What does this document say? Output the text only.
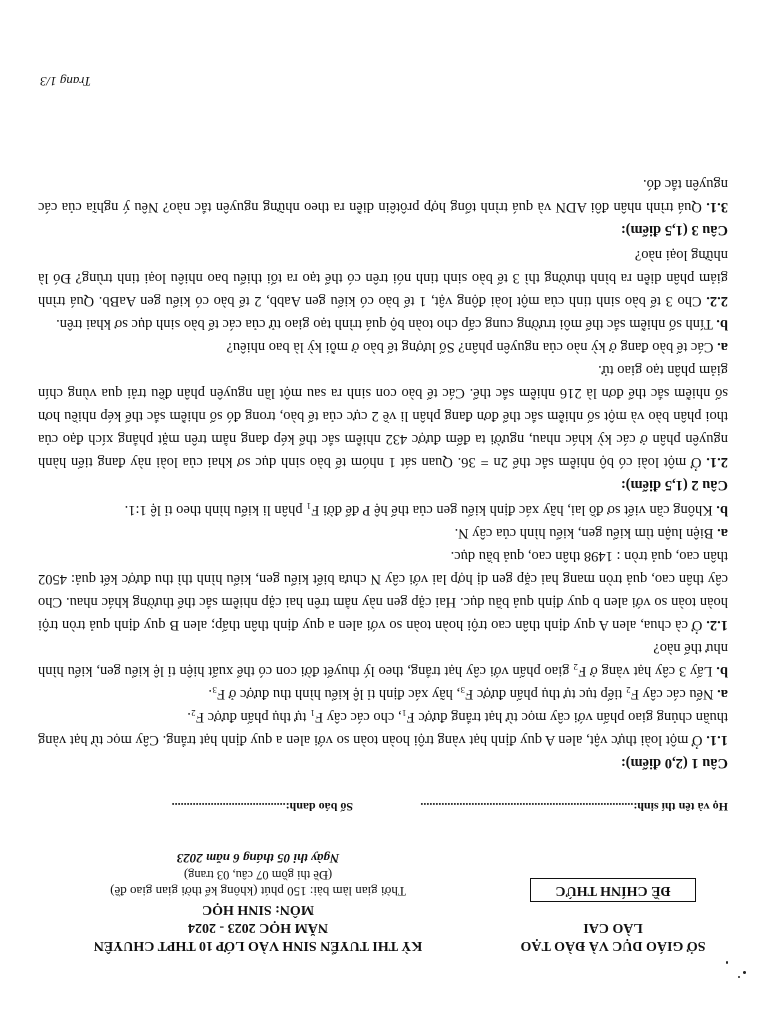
SỞ GIÁO DỤC VÀ ĐÀO TẠO
LÀO CAI
ĐỀ CHÍNH THỨC
KỲ THI TUYỂN SINH VÀO LỚP 10 THPT CHUYÊN
NĂM HỌC 2023 - 2024
MÔN: SINH HỌC
Thời gian làm bài: 150 phút (không kể thời gian giao đề)
(Đề thi gồm 07 câu, 03 trang)
Ngày thi 05 tháng 6 năm 2023
Họ và tên thí sinh:.......................................................................
Số báo danh:......................................

Câu 1 (2,0 điểm):

1.1. Ở một loài thực vật, alen A quy định hạt vàng trội hoàn toàn so với alen a quy định hạt trắng. Cây mọc từ hạt vàng thuần chủng giao phấn với cây mọc từ hạt trắng được F₁, cho các cây F₁ tự thụ phấn được F₂.

a. Nếu các cây F₂ tiếp tục tự thụ phấn được F₃, hãy xác định tỉ lệ kiểu hình thu được ở F₃.

b. Lấy 3 cây hạt vàng ở F₂ giao phấn với cây hạt trắng, theo lý thuyết đời con có thể xuất hiện tỉ lệ kiểu gen, kiểu hình như thế nào?

1.2. Ở cà chua, alen A quy định thân cao trội hoàn toàn so với alen a quy định thân thấp; alen B quy định quả tròn trội hoàn toàn so với alen b quy định quả bầu dục. Hai cặp gen này nằm trên hai cặp nhiễm sắc thể thường khác nhau. Cho cây thân cao, quả tròn mang hai cặp gen dị hợp lai với cây N chưa biết kiểu gen, kiểu hình thì thu được kết quả: 4502 thân cao, quả tròn : 1498 thân cao, quả bầu dục.

a. Biện luận tìm kiểu gen, kiểu hình của cây N.

b. Không cần viết sơ đồ lai, hãy xác định kiểu gen của thế hệ P để đời F₁ phân li kiểu hình theo tỉ lệ 1:1.

Câu 2 (1,5 điểm):

2.1. Ở một loài có bộ nhiễm sắc thể 2n = 36. Quan sát 1 nhóm tế bào sinh dục sơ khai của loài này đang tiến hành nguyên phân ở các kỳ khác nhau, người ta đếm được 432 nhiễm sắc thể kép đang nằm trên mặt phẳng xích đạo của thoi phân bào và một số nhiễm sắc thể đơn đang phân li về 2 cực của tế bào, trong đó số nhiễm sắc thể kép nhiều hơn số nhiễm sắc thể đơn là 216 nhiễm sắc thể. Các tế bào con sinh ra sau một lần nguyên phân đều trải qua vùng chín giảm phân tạo giao tử.

a. Các tế bào đang ở kỳ nào của nguyên phân? Số lượng tế bào ở mỗi kỳ là bao nhiêu?

b. Tính số nhiễm sắc thể môi trường cung cấp cho toàn bộ quá trình tạo giao tử của các tế bào sinh dục sơ khai trên.

2.2. Cho 3 tế bào sinh tinh của một loài động vật, 1 tế bào có kiểu gen Aabb, 2 tế bào có kiểu gen AaBb. Quá trình giảm phân diễn ra bình thường thì 3 tế bào sinh tinh nói trên có thể tạo ra tối thiểu bao nhiêu loại tinh trùng? Đó là những loại nào?

Câu 3 (1,5 điểm):

3.1. Quá trình nhân đôi ADN và quá trình tổng hợp prôtêin diễn ra theo những nguyên tắc nào? Nêu ý nghĩa của các nguyên tắc đó.

Trang 1/3
